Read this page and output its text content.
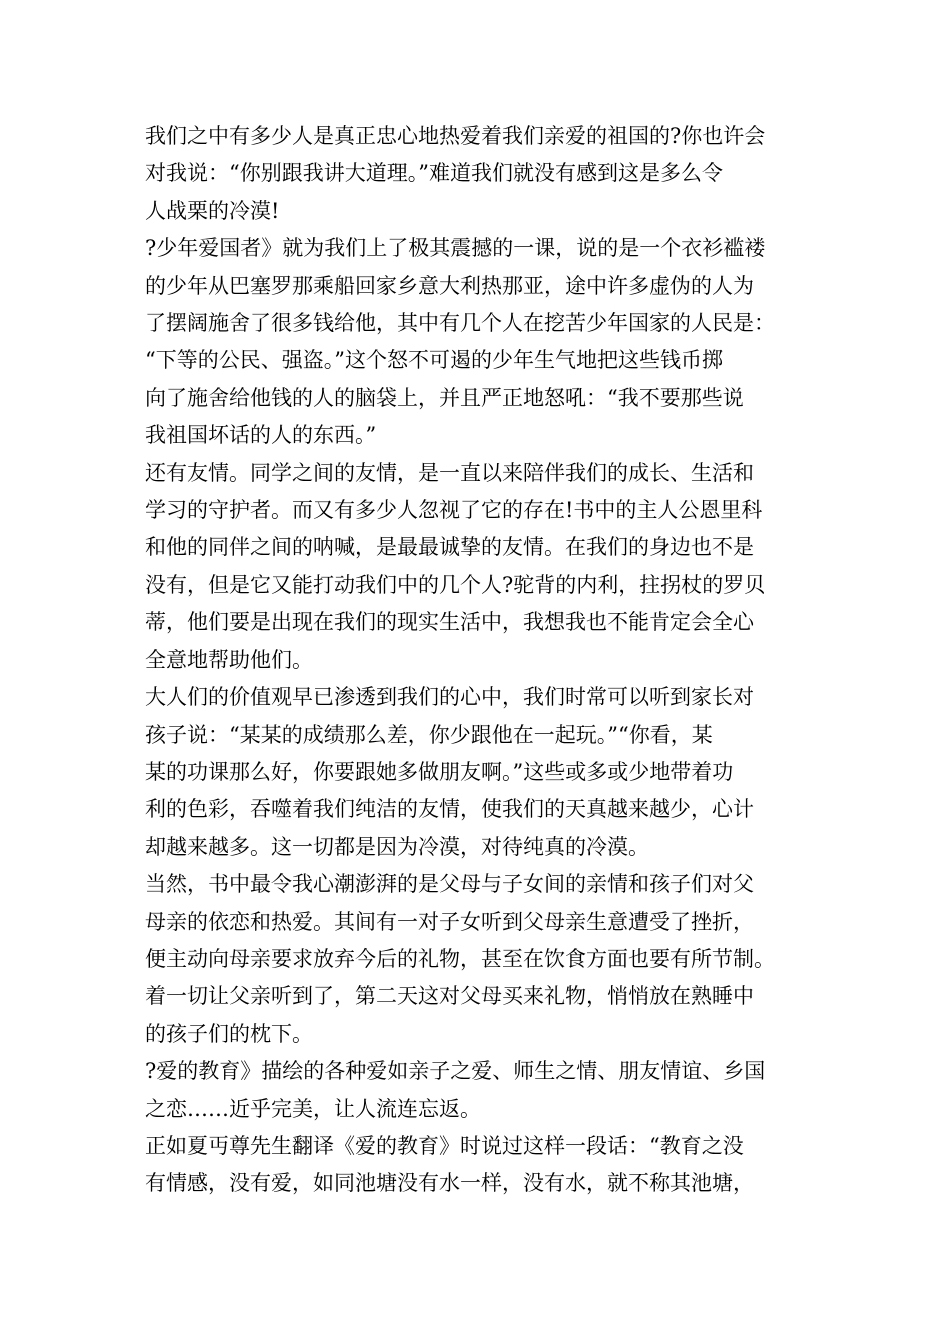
我们之中有多少人是真正忠心地热爱着我们亲爱的祖国的?你也许会
对我说：“你别跟我讲大道理。”难道我们就没有感到这是多么令
人战栗的冷漠!
?少年爱国者》就为我们上了极其震撼的一课，说的是一个衣衫褴褛
的少年从巴塞罗那乘船回家乡意大利热那亚，途中许多虚伪的人为
了摆阔施舍了很多钱给他，其中有几个人在挖苦少年国家的人民是：
“下等的公民、强盗。”这个怒不可遏的少年生气地把这些钱币掷
向了施舍给他钱的人的脑袋上，并且严正地怒吼：“我不要那些说
我祖国坏话的人的东西。”
还有友情。同学之间的友情，是一直以来陪伴我们的成长、生活和
学习的守护者。而又有多少人忽视了它的存在!书中的主人公恩里科
和他的同伴之间的呐喊，是最最诚挚的友情。在我们的身边也不是
没有，但是它又能打动我们中的几个人?驼背的内利，拄拐杖的罗贝
蒂，他们要是出现在我们的现实生活中，我想我也不能肯定会全心
全意地帮助他们。
大人们的价值观早已渗透到我们的心中，我们时常可以听到家长对
孩子说：“某某的成绩那么差，你少跟他在一起玩。”“你看，某
某的功课那么好，你要跟她多做朋友啊。”这些或多或少地带着功
利的色彩，吞噬着我们纯洁的友情，使我们的天真越来越少，心计
却越来越多。这一切都是因为冷漠，对待纯真的冷漠。
当然，书中最令我心潮澎湃的是父母与子女间的亲情和孩子们对父
母亲的依恋和热爱。其间有一对子女听到父母亲生意遭受了挫折，
便主动向母亲要求放弃今后的礼物，甚至在饮食方面也要有所节制。
着一切让父亲听到了，第二天这对父母买来礼物，悄悄放在熟睡中
的孩子们的枕下。
?爱的教育》描绘的各种爱如亲子之爱、师生之情、朋友情谊、乡国
之恋……近乎完美，让人流连忘返。
正如夏丏尊先生翻译《爱的教育》时说过这样一段话：“教育之没
有情感，没有爱，如同池塘没有水一样，没有水，就不称其池塘，
